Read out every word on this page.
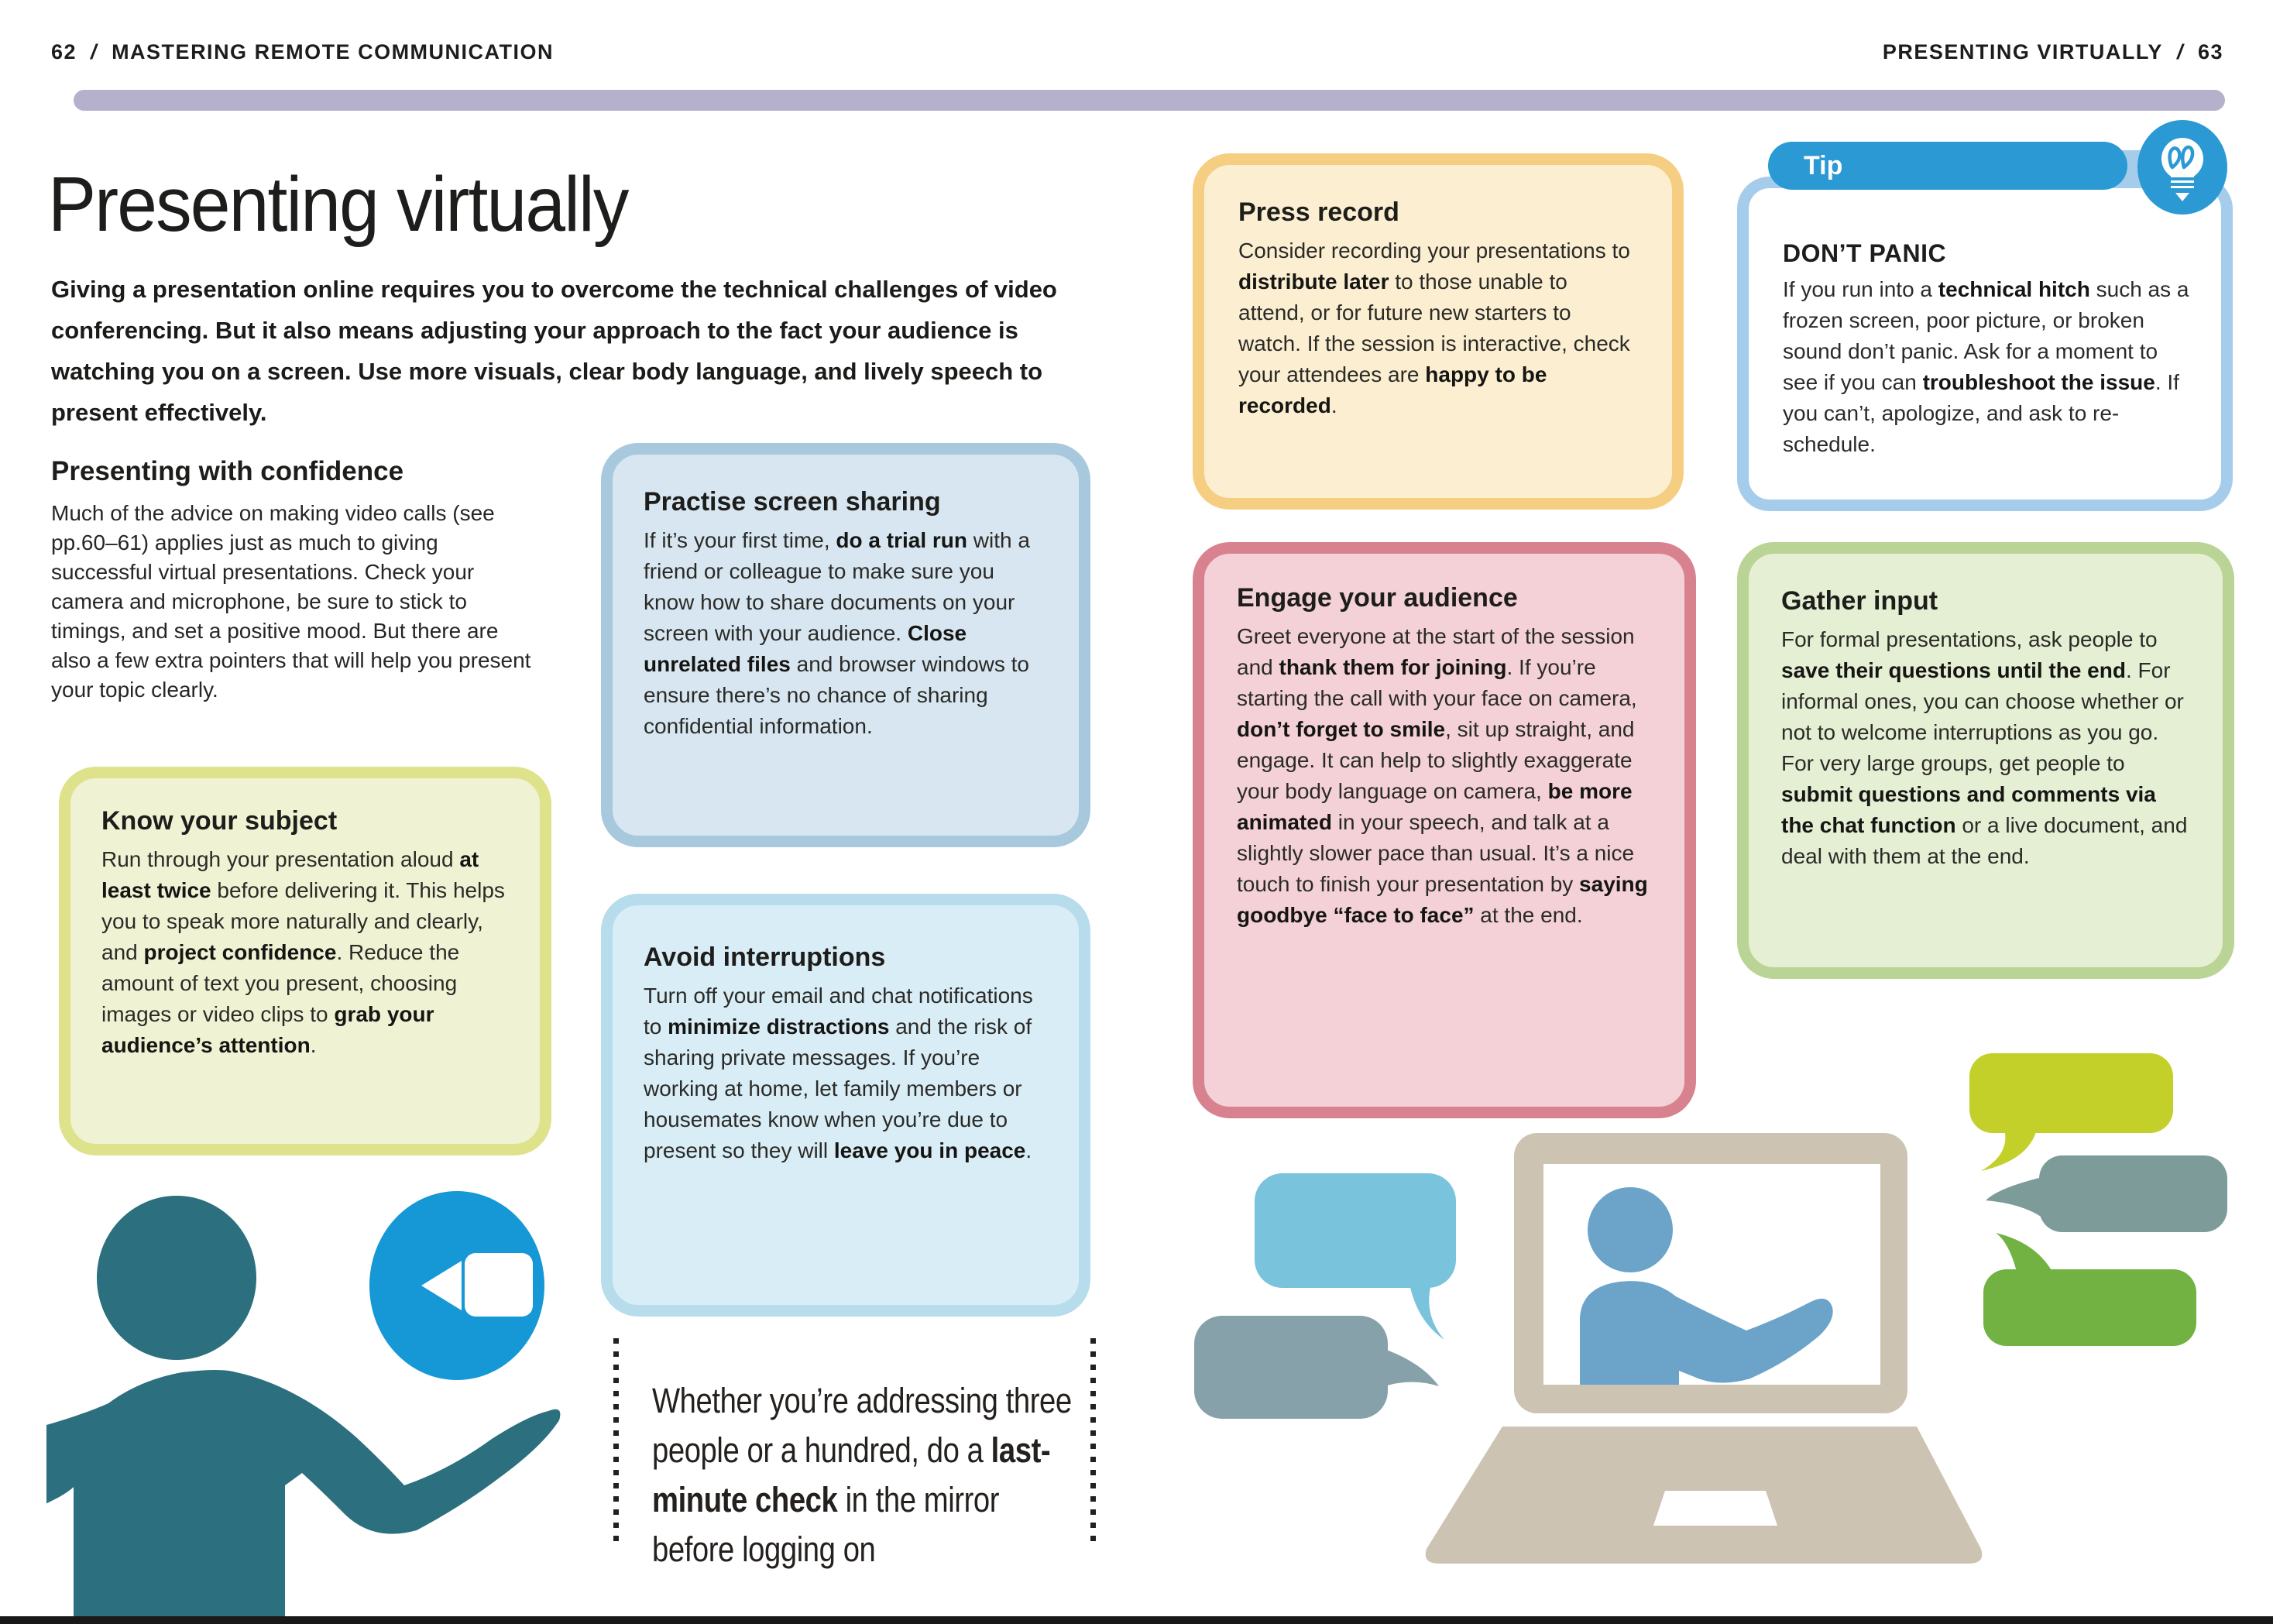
62 / MASTERING REMOTE COMMUNICATION	PRESENTING VIRTUALLY / 63
Presenting virtually

Giving a presentation online requires you to overcome the technical challenges of video conferencing. But it also means adjusting your approach to the fact your audience is watching you on a screen. Use more visuals, clear body language, and lively speech to present effectively.

Presenting with confidence

Much of the advice on making video calls (see pp.60–61) applies just as much to giving successful virtual presentations. Check your camera and microphone, be sure to stick to timings, and set a positive mood. But there are also a few extra pointers that will help you present your topic clearly.

Know your subject

Run through your presentation aloud at least twice before delivering it. This helps you to speak more naturally and clearly, and project confidence. Reduce the amount of text you present, choosing images or video clips to grab your audience’s attention.

Practise screen sharing

If it’s your first time, do a trial run with a friend or colleague to make sure you know how to share documents on your screen with your audience. Close unrelated files and browser windows to ensure there’s no chance of sharing confidential information.

Avoid interruptions

Turn off your email and chat notifications to minimize distractions and the risk of sharing private messages. If you’re working at home, let family members or housemates know when you’re due to present so they will leave you in peace.

Press record

Consider recording your presentations to distribute later to those unable to attend, or for future new starters to watch. If the session is interactive, check your attendees are happy to be recorded.

Engage your audience

Greet everyone at the start of the session and thank them for joining. If you’re starting the call with your face on camera, don’t forget to smile, sit up straight, and engage. It can help to slightly exaggerate your body language on camera, be more animated in your speech, and talk at a slightly slower pace than usual. It’s a nice touch to finish your presentation by saying goodbye “face to face” at the end.

DON’T PANIC

If you run into a technical hitch such as a frozen screen, poor picture, or broken sound don’t panic. Ask for a moment to see if you can troubleshoot the issue. If you can’t, apologize, and ask to re-schedule.

Tip
Gather input

For formal presentations, ask people to save their questions until the end. For informal ones, you can choose whether or not to welcome interruptions as you go. For very large groups, get people to submit questions and comments via the chat function or a live document, and deal with them at the end.

Whether you’re addressing three people or a hundred, do a last-minute check in the mirror before logging on
